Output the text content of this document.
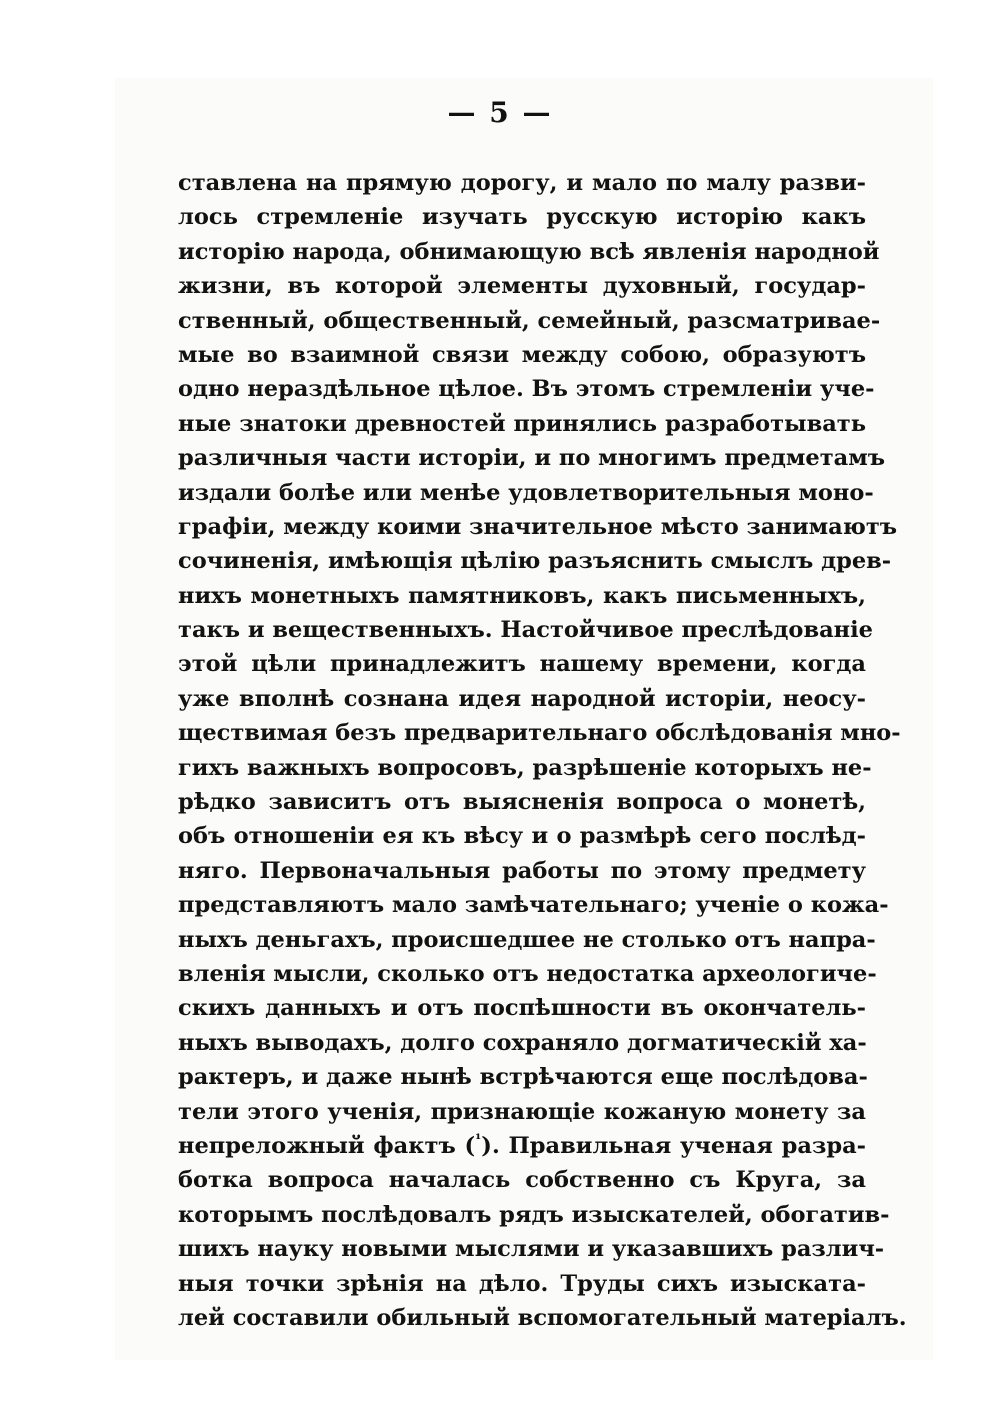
— 5 —
ставлена на прямую дорогу, и мало по малу разви-
лось стремленіе изучать русскую исторію какъ
исторію народа, обнимающую всѣ явленія народной
жизни, въ которой элементы духовный, государ-
ственный, общественный, семейный, разсматривае-
мые во взаимной связи между собою, образуютъ
одно нераздѣльное цѣлое. Въ этомъ стремленіи уче-
ные знатоки древностей принялись разработывать
различныя части исторіи, и по многимъ предметамъ
издали болѣе или менѣе удовлетворительныя моно-
графіи, между коими значительное мѣсто занимаютъ
сочиненія, имѣющія цѣлію разъяснить смыслъ древ-
нихъ монетныхъ памятниковъ, какъ письменныхъ,
такъ и вещественныхъ. Настойчивое преслѣдованіе
этой цѣли принадлежитъ нашему времени, когда
уже вполнѣ сознана идея народной исторіи, неосу-
ществимая безъ предварительнаго обслѣдованія мно-
гихъ важныхъ вопросовъ, разрѣшеніе которыхъ не-
рѣдко зависитъ отъ выясненія вопроса о монетѣ,
объ отношеніи ея къ вѣсу и о размѣрѣ сего послѣд-
няго. Первоначальныя работы по этому предмету
представляютъ мало замѣчательнаго; ученіе о кожа-
ныхъ деньгахъ, происшедшее не столько отъ напра-
вленія мысли, сколько отъ недостатка археологиче-
скихъ данныхъ и отъ поспѣшности въ окончатель-
ныхъ выводахъ, долго сохраняло догматическій ха-
рактеръ, и даже нынѣ встрѣчаются еще послѣдова-
тели этого ученія, признающіе кожаную монету за
непреложный фактъ ($^{^1}$). Правильная ученая разра-
ботка вопроса началась собственно съ Круга, за
которымъ послѣдовалъ рядъ изыскателей, обогатив-
шихъ науку новыми мыслями и указавшихъ различ-
ныя точки зрѣнія на дѣло. Труды сихъ изыската-
лей составили обильный вспомогательный матеріалъ.
